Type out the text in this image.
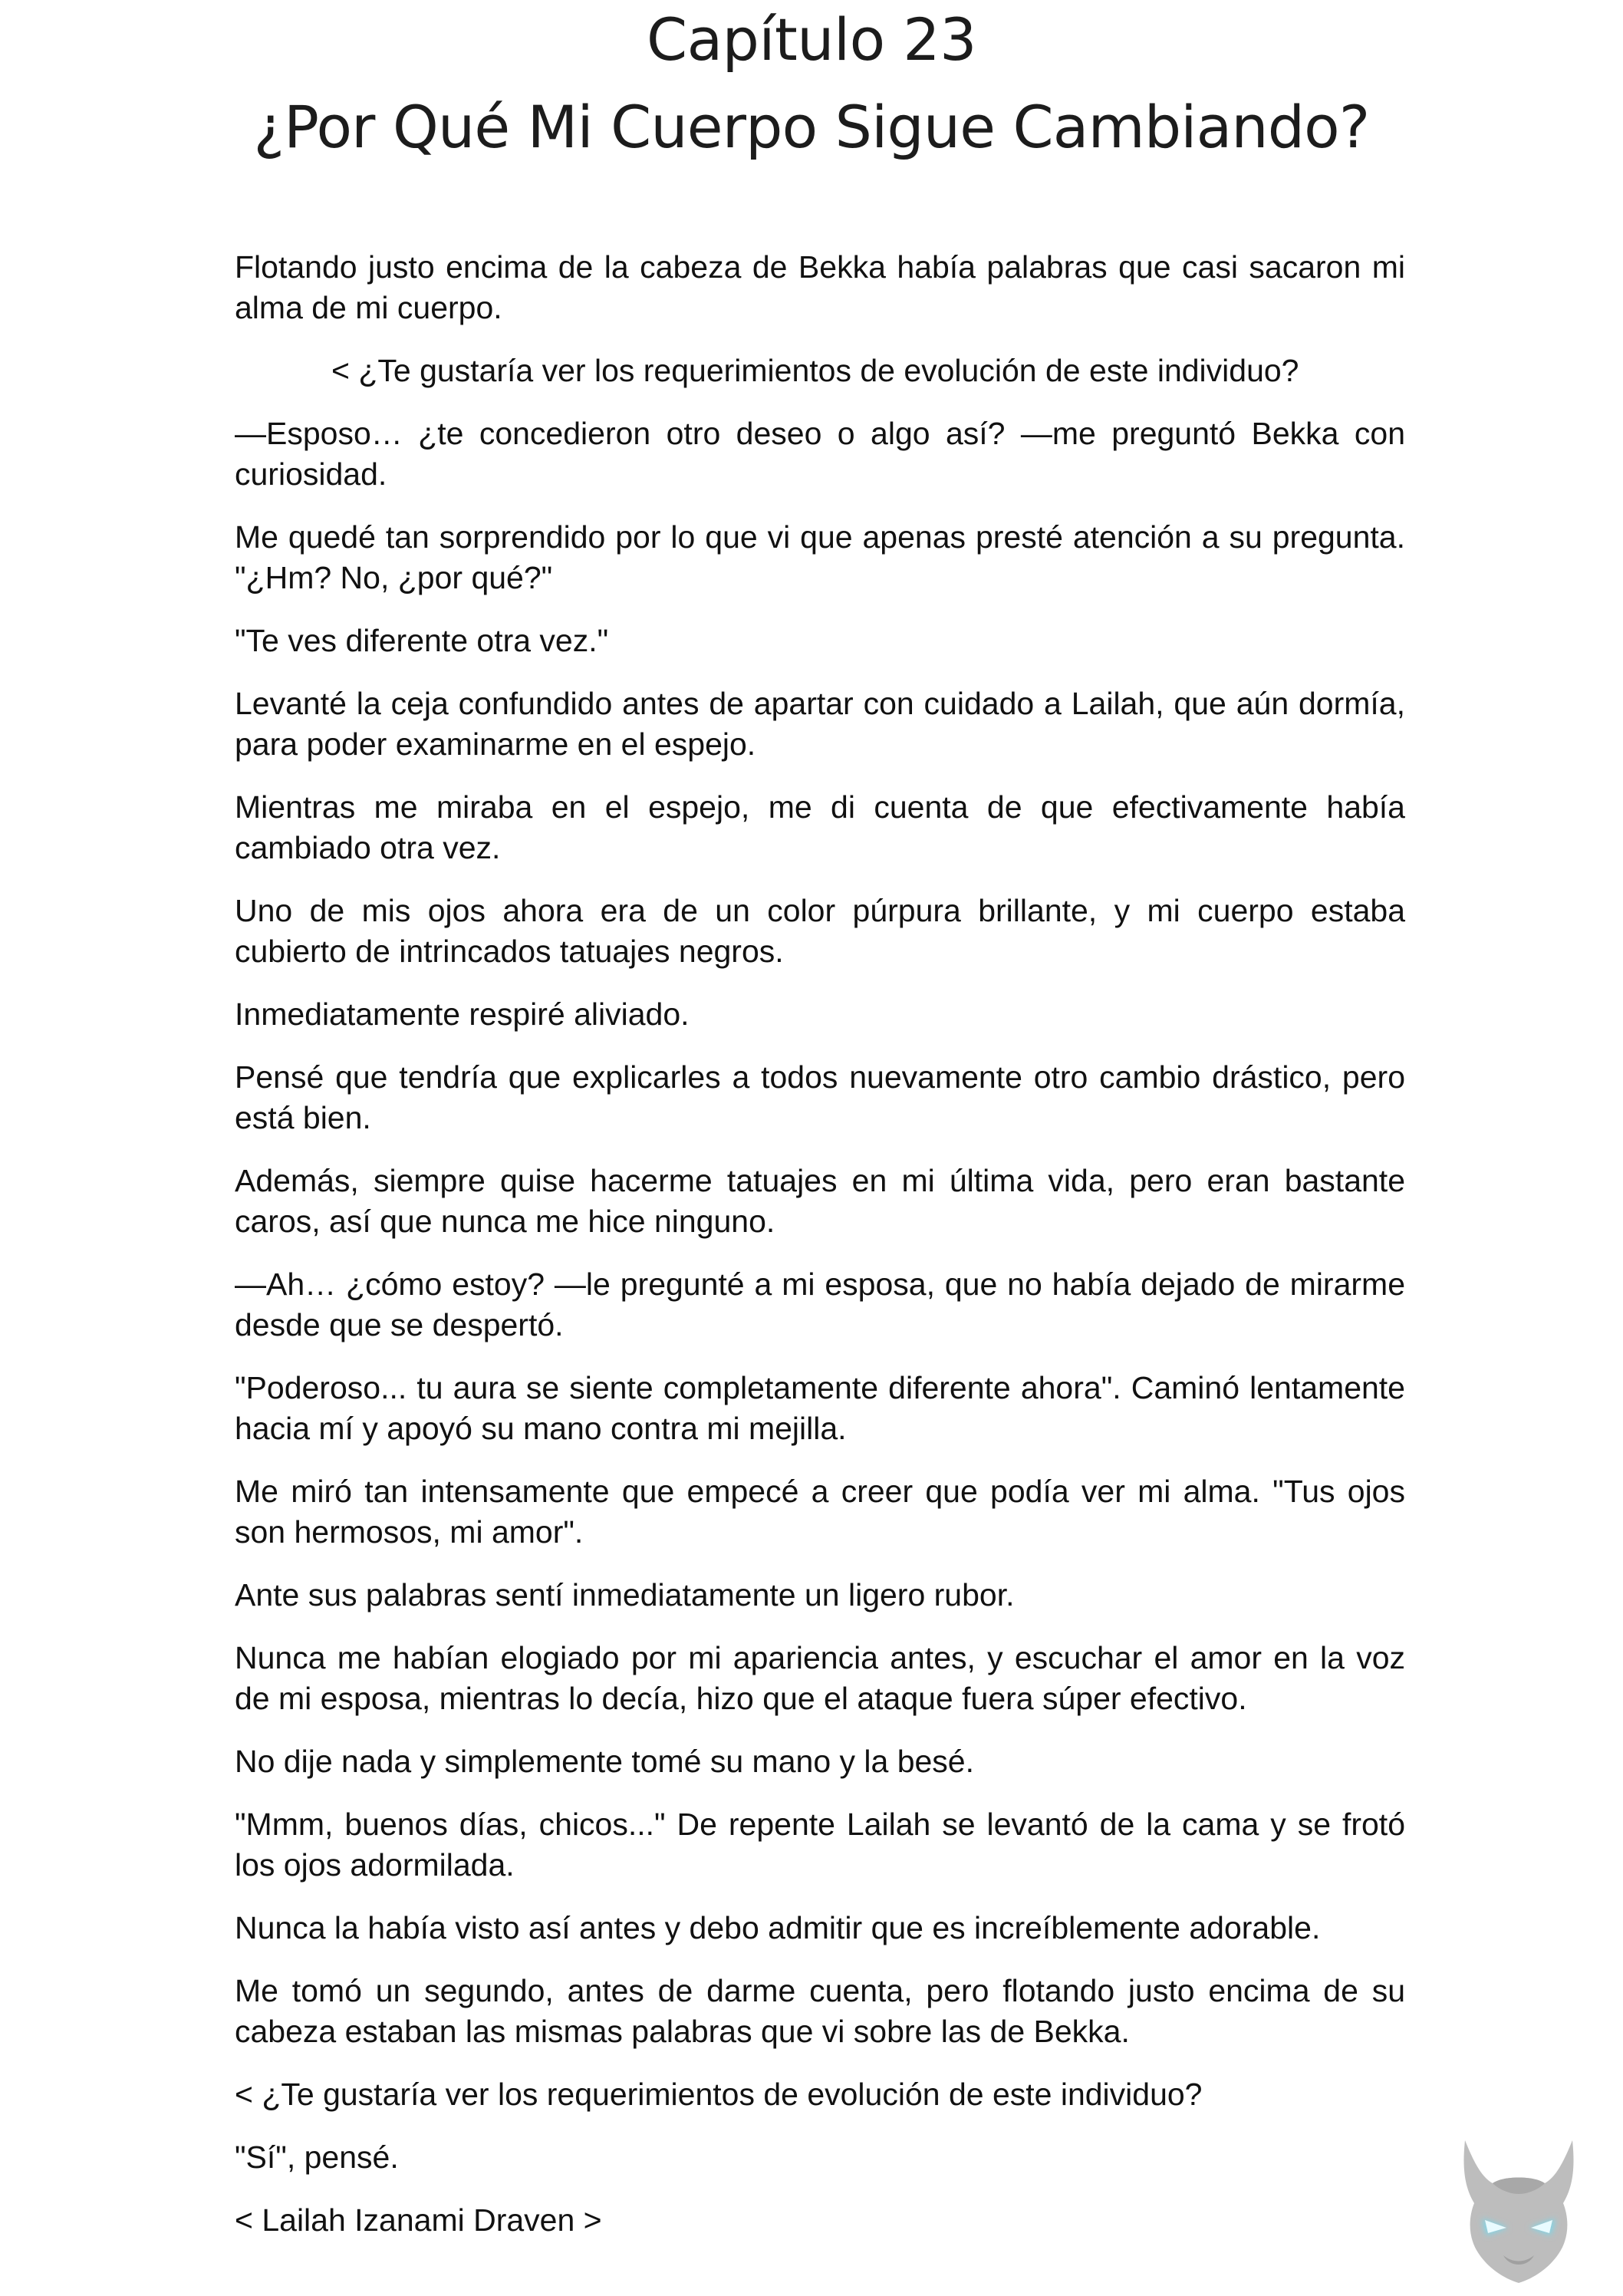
Capítulo 23
¿Por Qué Mi Cuerpo Sigue Cambiando?

Flotando justo encima de la cabeza de Bekka había palabras que casi sacaron mi alma de mi cuerpo.

< ¿Te gustaría ver los requerimientos de evolución de este individuo?

—Esposo… ¿te concedieron otro deseo o algo así? —me preguntó Bekka con curiosidad.

Me quedé tan sorprendido por lo que vi que apenas presté atención a su pregunta. "¿Hm? No, ¿por qué?"

"Te ves diferente otra vez."

Levanté la ceja confundido antes de apartar con cuidado a Lailah, que aún dormía, para poder examinarme en el espejo.

Mientras me miraba en el espejo, me di cuenta de que efectivamente había cambiado otra vez.

Uno de mis ojos ahora era de un color púrpura brillante, y mi cuerpo estaba cubierto de intrincados tatuajes negros.

Inmediatamente respiré aliviado.

Pensé que tendría que explicarles a todos nuevamente otro cambio drástico, pero está bien.

Además, siempre quise hacerme tatuajes en mi última vida, pero eran bastante caros, así que nunca me hice ninguno.

—Ah… ¿cómo estoy? —le pregunté a mi esposa, que no había dejado de mirarme desde que se despertó.

"Poderoso... tu aura se siente completamente diferente ahora". Caminó lentamente hacia mí y apoyó su mano contra mi mejilla.

Me miró tan intensamente que empecé a creer que podía ver mi alma. "Tus ojos son hermosos, mi amor".

Ante sus palabras sentí inmediatamente un ligero rubor.

Nunca me habían elogiado por mi apariencia antes, y escuchar el amor en la voz de mi esposa, mientras lo decía, hizo que el ataque fuera súper efectivo.

No dije nada y simplemente tomé su mano y la besé.

"Mmm, buenos días, chicos..." De repente Lailah se levantó de la cama y se frotó los ojos adormilada.

Nunca la había visto así antes y debo admitir que es increíblemente adorable.

Me tomó un segundo, antes de darme cuenta, pero flotando justo encima de su cabeza estaban las mismas palabras que vi sobre las de Bekka.

< ¿Te gustaría ver los requerimientos de evolución de este individuo?

"Sí", pensé.

< Lailah Izanami Draven >
